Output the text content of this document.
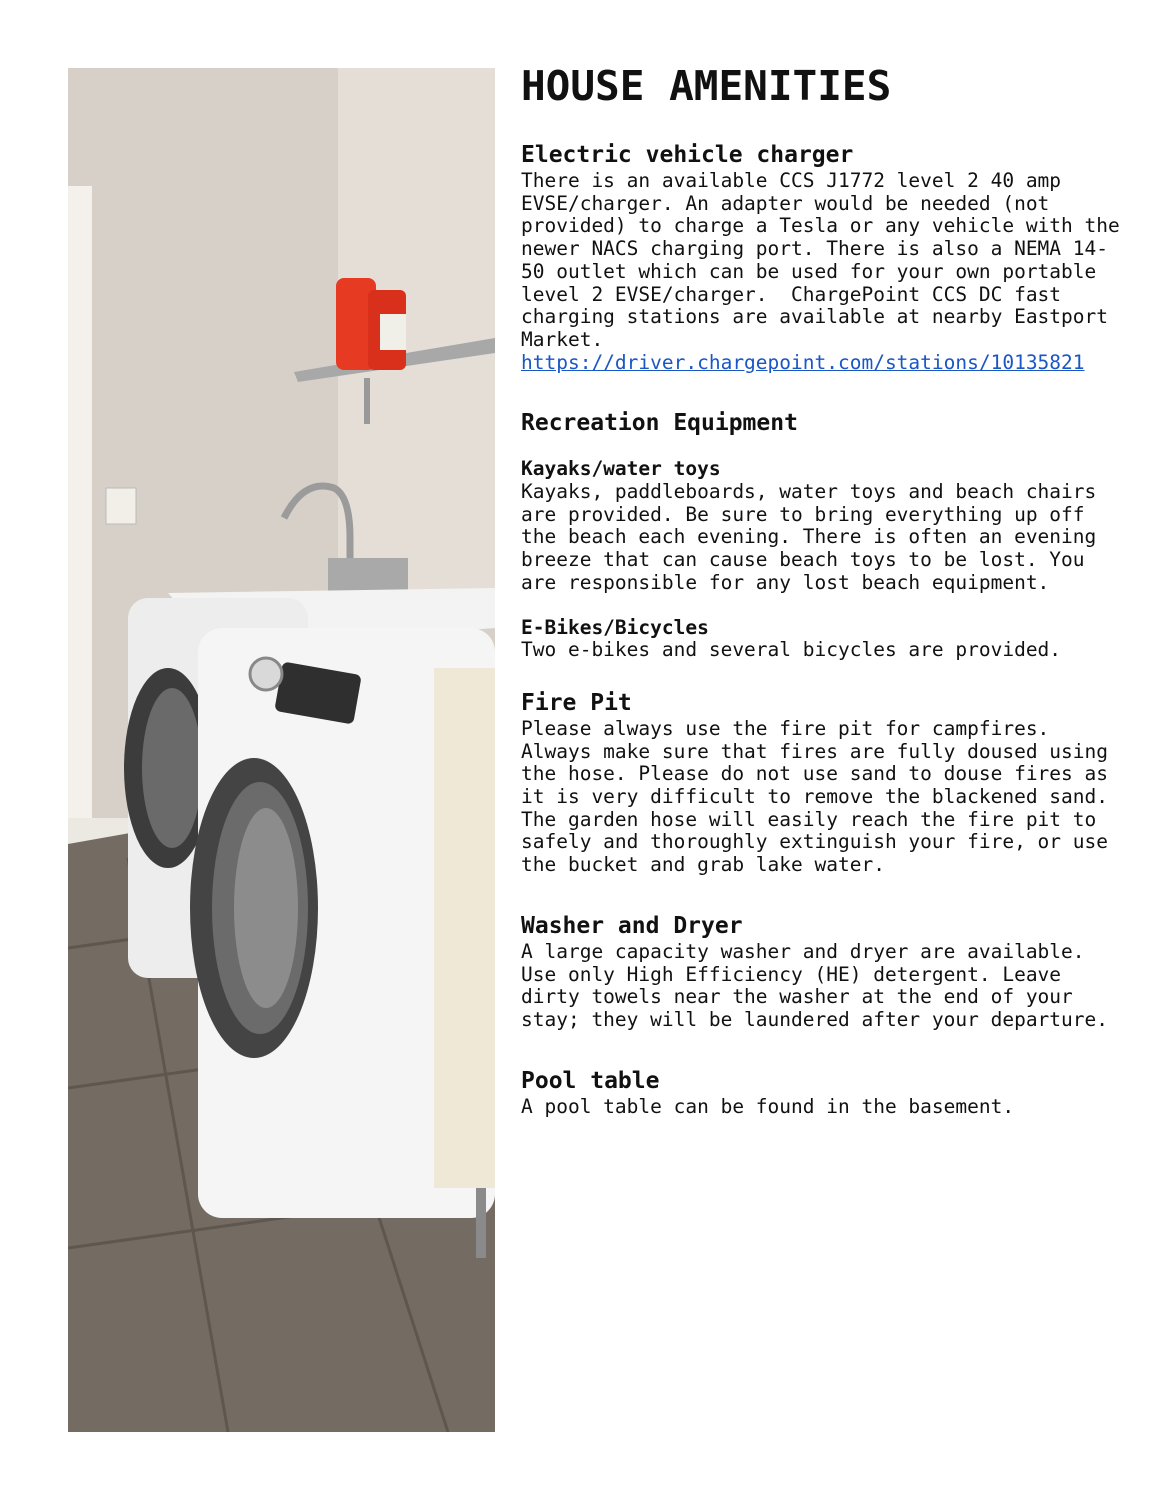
HOUSE AMENITIES
Electric vehicle charger

There is an available CCS J1772 level 2 40 amp EVSE/charger. An adapter would be needed (not provided) to charge a Tesla or any vehicle with the newer NACS charging port. There is also a NEMA 14-50 outlet which can be used for your own portable level 2 EVSE/charger.  ChargePoint CCS DC fast charging stations are available at nearby Eastport Market.

https://driver.chargepoint.com/stations/10135821
Recreation Equipment
Kayaks/water toys

Kayaks, paddleboards, water toys and beach chairs are provided. Be sure to bring everything up off the beach each evening. There is often an evening breeze that can cause beach toys to be lost. You are responsible for any lost beach equipment.

E-Bikes/Bicycles

Two e-bikes and several bicycles are provided.

Fire Pit

Please always use the fire pit for campfires. Always make sure that fires are fully doused using the hose. Please do not use sand to douse fires as it is very difficult to remove the blackened sand. The garden hose will easily reach the fire pit to safely and thoroughly extinguish your fire, or use the bucket and grab lake water.

Washer and Dryer

A large capacity washer and dryer are available. Use only High Efficiency (HE) detergent. Leave dirty towels near the washer at the end of your stay; they will be laundered after your departure.

Pool table

A pool table can be found in the basement.
